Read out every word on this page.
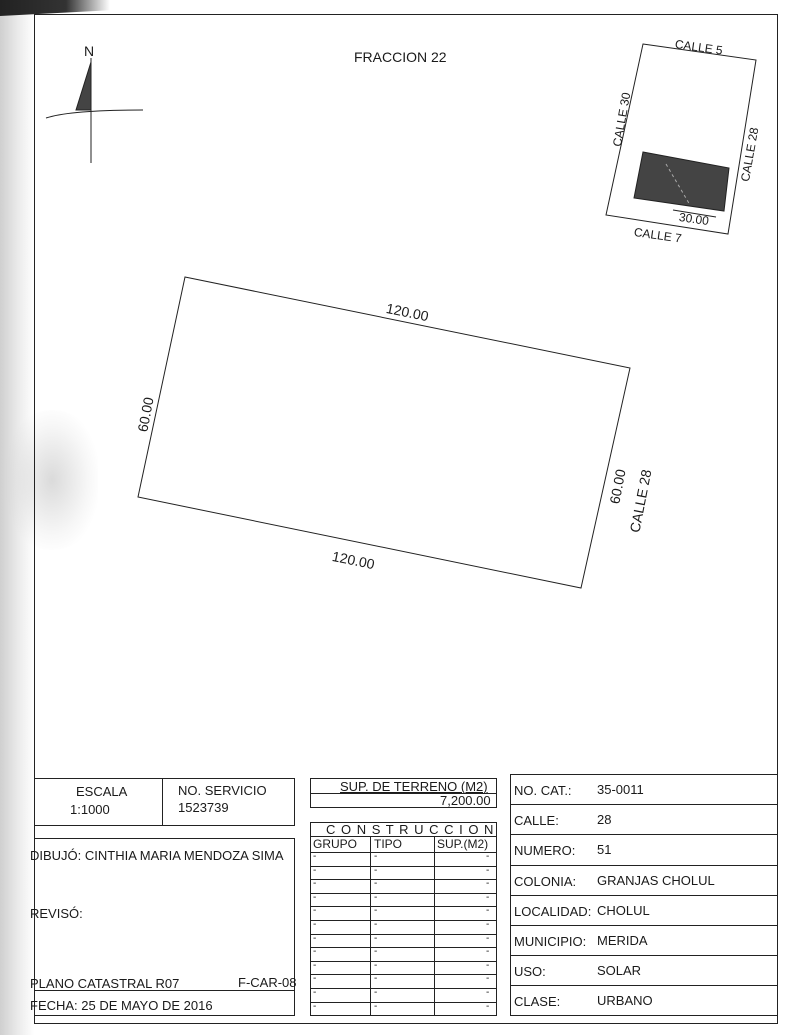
FRACCION 22
N
120.00
120.00
60.00
60.00
CALLE 28
CALLE 5
CALLE 30
CALLE 28
CALLE 7
30.00
ESCALA
1:1000
NO. SERVICIO
1523739
DIBUJÓ: CINTHIA MARIA MENDOZA SIMA
REVISÓ:
PLANO CATASTRAL R07	F-CAR-08
FECHA: 25 DE MAYO DE 2016
SUP. DE TERRENO (M2)
7,200.00
C O N S T R U C C I O N
GRUPO TIPO	SUP.(M2)
-	-	-
-	-	-
-	-	-
-	-	-
-	-	-
-	-	-
-	-	-
-	-	-
-	-	-
-	-	-
-	-	-
-	-	-
NO. CAT.: 35-0011
CALLE:	28
NUMERO: 51
COLONIA: GRANJAS CHOLUL
LOCALIDAD: CHOLUL
MUNICIPIO: MERIDA
USO:	SOLAR
CLASE:	URBANO
